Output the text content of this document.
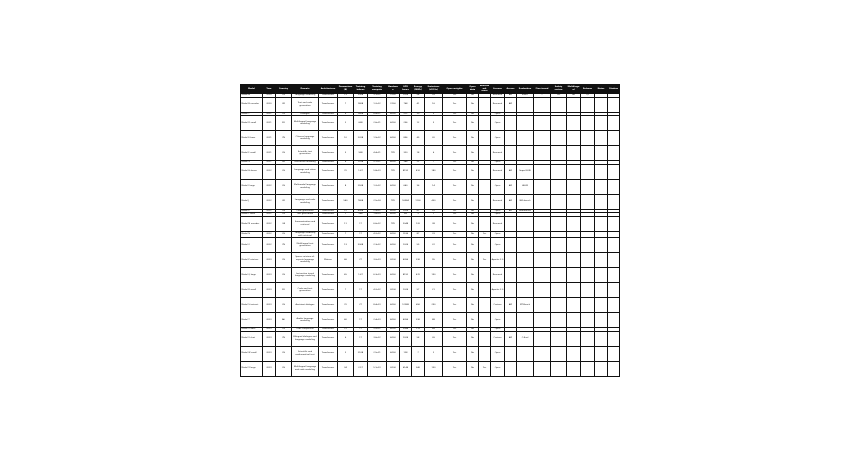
Model	Year	Country	Domain	Architecture	Parameters (B)	Training tokens	Training compute	Hardware	GPU hours	Energy (MWh)	Emissions (tCO2e)	Open weights	Open data	Benchmark score	License	Access	Evaluation	Fine-tuned	Safety review	Multilingual	Release	Notes	Citation
Model A	2020	US	Language modeling	Transformer	13	300B	3.1e22	V100	1024	58	24	Yes	No		Research	API	MMLU	—	Yes	No	Q1		
Model B encoder	2020	UK	Text and code generation	Transformer	7	180B	1.2e22	V100	768	41	16	Yes	No		Research	API							
Model C	2021	US	Dialogue	Transformer	6	140B	8.4e21	A100	512	30	9	Yes	No		Open								
Model D small	2021	FR	Multilingual language modeling	Transformer	2	60B	2.6e21	A100	256	12	3	Yes	No		Open								
Model E base	2021	CN	Chinese language modeling	Transformer	10	220B	1.9e22	A100	896	49	20	Yes	No		Open								
Model F small	2021	US	Scientific text generation	Transformer	3	90B	4.4e21	TPU	320	18	6	Yes	No		Research								
Model G	2021	DE	Instruction following	Transformer	4	110B	5.7e21	A100	384	22	7	Yes	No		Open								
Model H dense	2022	US	Language and vision modeling	Transformer	70	1.4T	5.8e23	TPU	8192	410	180	Yes	No		Research	API	SuperGLUE						
Model I large	2022	US	Multimodal language modeling	Transformer	8	250B	1.2e22	A100	640	36	14	Yes	No		Open	API	HELM						
Model J	2022	UK	Language and code modeling	Transformer	540	780B	2.5e24	TPU	16384	1100	450	Yes	No		Research	API	BIG-bench						
Model K	2022	US	Code generation	Transformer	12	400B	2.9e22	A100	1024	61	25	Yes	No		Open	API	HumanEval						
Model L base	2022	US	Text generation	Transformer	1	26B	1.6e20	A100	64	3	1	Yes	No		Open								
Model M encoder	2022	CA	Summarization and retrieval	Transformer	11	1T	6.6e22	TPU	2048	120	38	Yes	No		Research								
Model N	2022	US	Language modeling with retrieval	Transformer	7	1T	4.2e22	A100	1536	87	33	Yes	No	Yes	Open								
Model O	2022	CN	Multilingual text generation	Transformer	13	300B	2.3e22	A100	1024	59	22	Yes	No		Open								
Model P mixture	2023	US	Sparse mixture-of-experts language modeling	Mixture	46	2T	3.0e23	H100	4096	230	95	Yes	No	Yes	Apache 2.0								
Model Q large	2023	US	Instruction tuned language modeling	Transformer	65	1.4T	6.3e23	A100	8192	470	190	Yes	No		Research								
Model R small	2023	FR	Code and text generation	Transformer	7	1T	4.2e22	H100	1024	57	21	Yes	No		Apache 2.0								
Model S instruct	2023	US	Assistant dialogue	Transformer	70	2T	8.4e23	A100	12288	690	290	Yes	No		Custom	API	MT-Bench						
Model T	2023	AE	Arabic language modeling	Transformer	40	1T	2.4e23	A100	4096	230	88	Yes	No		Open								
Model U base	2023	US	Code completion	Transformer	15	1T	9.0e22	A100	2048	115	44	Yes	No		Open								
Model V chat	2023	CN	Bilingual dialogue and language modeling	Transformer	6	1T	3.6e22	A100	1024	58	26	Yes	No		Custom	API	C-Eval						
Model W small	2023	US	Scientific and mathematical text	Transformer	2	210B	2.5e21	A100	128	7	2	Yes	No		Open								
Model X large	2023	US	Multilingual language and code modeling	Transformer	34	2.5T	5.1e23	H100	6144	340	130	Yes	No	Yes	Open								
